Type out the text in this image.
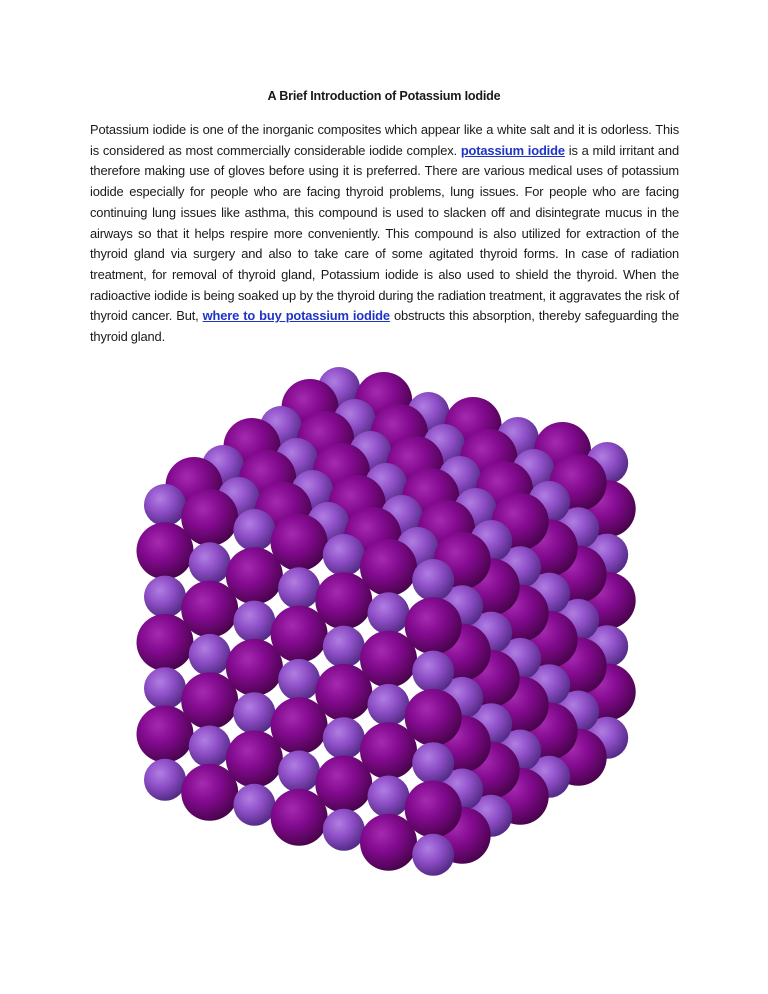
A Brief Introduction of Potassium Iodide
Potassium iodide is one of the inorganic composites which appear like a white salt and it is odorless. This is considered as most commercially considerable iodide complex. potassium iodide is a mild irritant and therefore making use of gloves before using it is preferred. There are various medical uses of potassium iodide especially for people who are facing thyroid problems, lung issues. For people who are facing continuing lung issues like asthma, this compound is used to slacken off and disintegrate mucus in the airways so that it helps respire more conveniently. This compound is also utilized for extraction of the thyroid gland via surgery and also to take care of some agitated thyroid forms. In case of radiation treatment, for removal of thyroid gland, Potassium iodide is also used to shield the thyroid. When the radioactive iodide is being soaked up by the thyroid during the radiation treatment, it aggravates the risk of thyroid cancer. But, where to buy potassium iodide obstructs this absorption, thereby safeguarding the thyroid gland.
